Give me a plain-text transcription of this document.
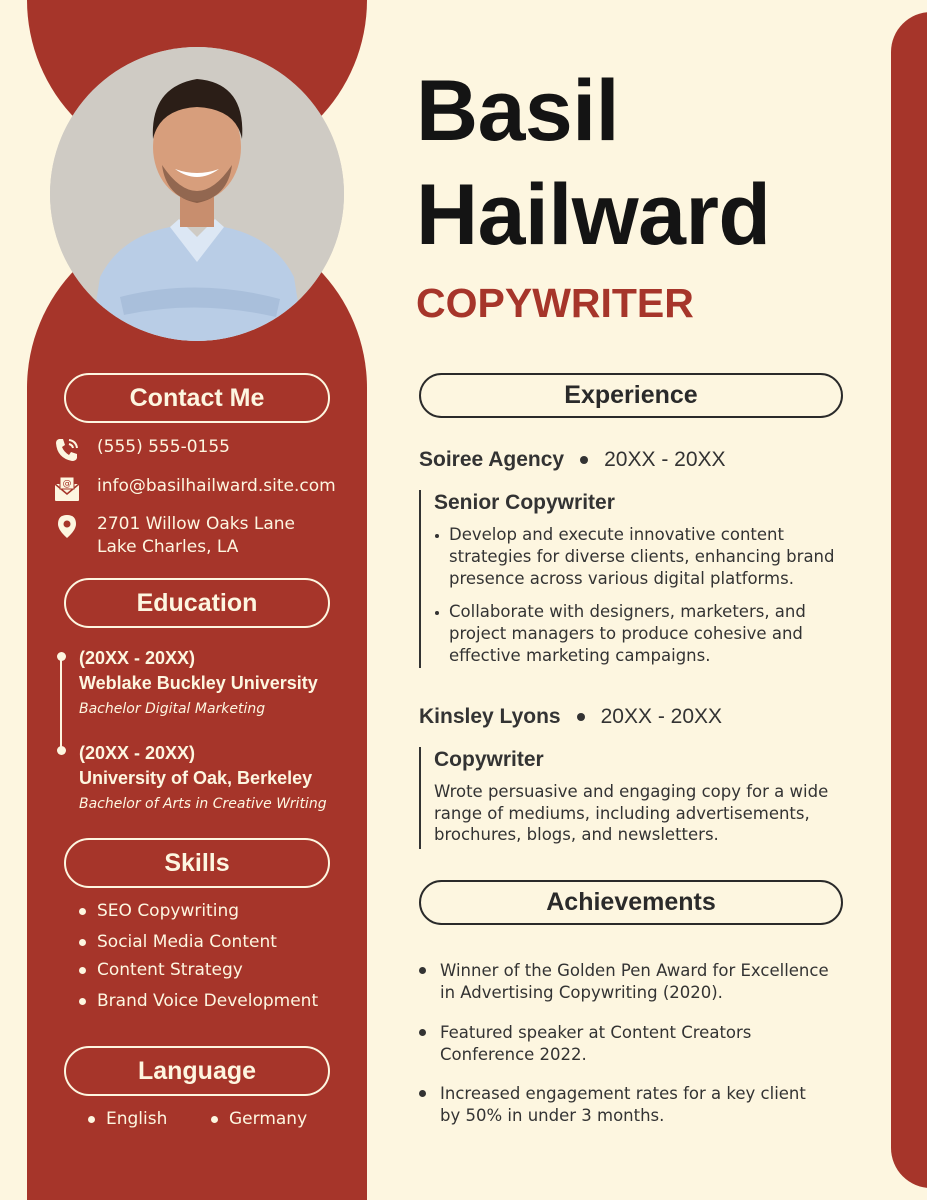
Contact Me
(555) 555-0155
@ info@basilhailward.site.com
2701 Willow Oaks Lane
Lake Charles, LA
Education
(20XX - 20XX)
Weblake Buckley University
Bachelor Digital Marketing
(20XX - 20XX)
University of Oak, Berkeley
Bachelor of Arts in Creative Writing
Skills
SEO Copywriting
Social Media Content
Content Strategy
Brand Voice Development
Language
English	Germany
Basil
Hailward
COPYWRITER
Experience
Soiree Agency 20XX - 20XX
Senior Copywriter
Develop and execute innovative content strategies for diverse clients, enhancing brand presence across various digital platforms.
Collaborate with designers, marketers, and project managers to produce cohesive and effective marketing campaigns.
Kinsley Lyons 20XX - 20XX
Copywriter

Wrote persuasive and engaging copy for a wide range of mediums, including advertisements, brochures, blogs, and newsletters.

Achievements
Winner of the Golden Pen Award for Excellence in Advertising Copywriting (2020).
Featured speaker at Content Creators Conference 2022.
Increased engagement rates for a key client by 50% in under 3 months.
